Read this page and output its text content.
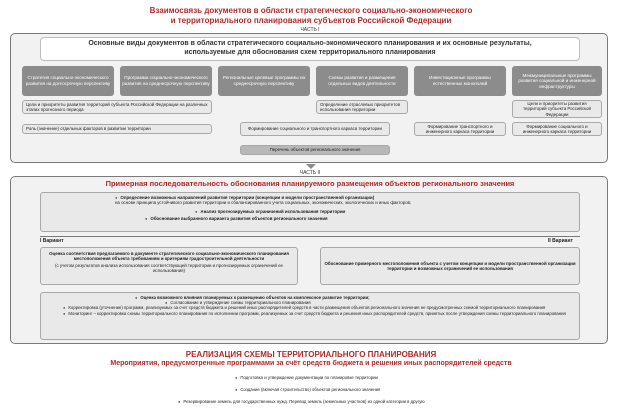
Взаимосвязь документов в области стратегического социально-экономического
и территориального планирования субъектов Российской Федерации
ЧАСТЬ I
Основные виды документов в области стратегического социально-экономического планирования и их основные результаты,
используемые для обоснования схем территориального планирования
Стратегия социально-экономического развития на долгосрочную перспективу
Программа социально-экономического развития на среднесрочную перспективу
Региональные целевые программы на среднесрочную перспективу
Схемы развития и размещения отдельных видов деятельности
Инвестиционные программы естественных монополий
Межмуниципальные программы развития социальной и инженерной инфраструктуры
Цели и приоритеты развития территорий субъекта Российской Федерации на различных этапах прогнозного периода
Определение отраслевых приоритетов использования территории
Цели и приоритеты развития территорий субъекта Российской Федерации
Роль (значение) отдельных факторов в развитии территории	Формирование социального и транспортного каркаса территории
Формирование транспортного и инженерного каркаса территории
Формирование социального и инженерного каркаса территории
Перечень объектов регионального значения
ЧАСТЬ II
Примерная последовательность обоснования планируемого размещения объектов регионального значения
● Определение возможных направлений развития территории (концепции и модели пространственной организации)
на основе принципа устойчивого развития территории и сбалансированного учета социальных, экономических, экологических и иных факторов;
● Анализ прогнозируемых ограничений использования территории
● Обоснование выбранного варианта развития объектов регионального значения
I Вариант	II Вариант
Оценка соответствия предлагаемого в документе стратегического социально-экономического планирования местоположения объекта требованиям и критериям градостроительной деятельности
(с учетом результатов анализа использования соответствующей территории и прогнозируемых ограничений ее использования)
Обоснование примерного местоположения объекта с учетом концепции и модели пространственной организации территории и возможных ограничений ее использования
● Оценка возможного влияния планируемых к размещению объектов на комплексное развитие территории;
● Согласование и утверждение схемы территориального планирования
● Корректировка (уточнение) программ, реализуемых за счет средств бюджета и решений иных распорядителей средств в части размещения объектов регионального значения не предусмотренных схемой территориального планирования
● Мониторинг – корректировка схемы территориального планирования по исполнении программ, реализуемых за счет средств бюджета и решения иных распорядителей средств, принятых после утверждения схемы территориального планирования
РЕАЛИЗАЦИЯ СХЕМЫ ТЕРРИТОРИАЛЬНОГО ПЛАНИРОВАНИЯ
Мероприятия, предусмотренные программами за счёт средств бюджета и решения иных распорядителей средств
● Подготовка и утверждение документации по планировке территории
● Создание (включая строительство) объектов регионального значения
● Резервирование земель для государственных нужд. Перевод земель (земельных участков) из одной категории в другую
